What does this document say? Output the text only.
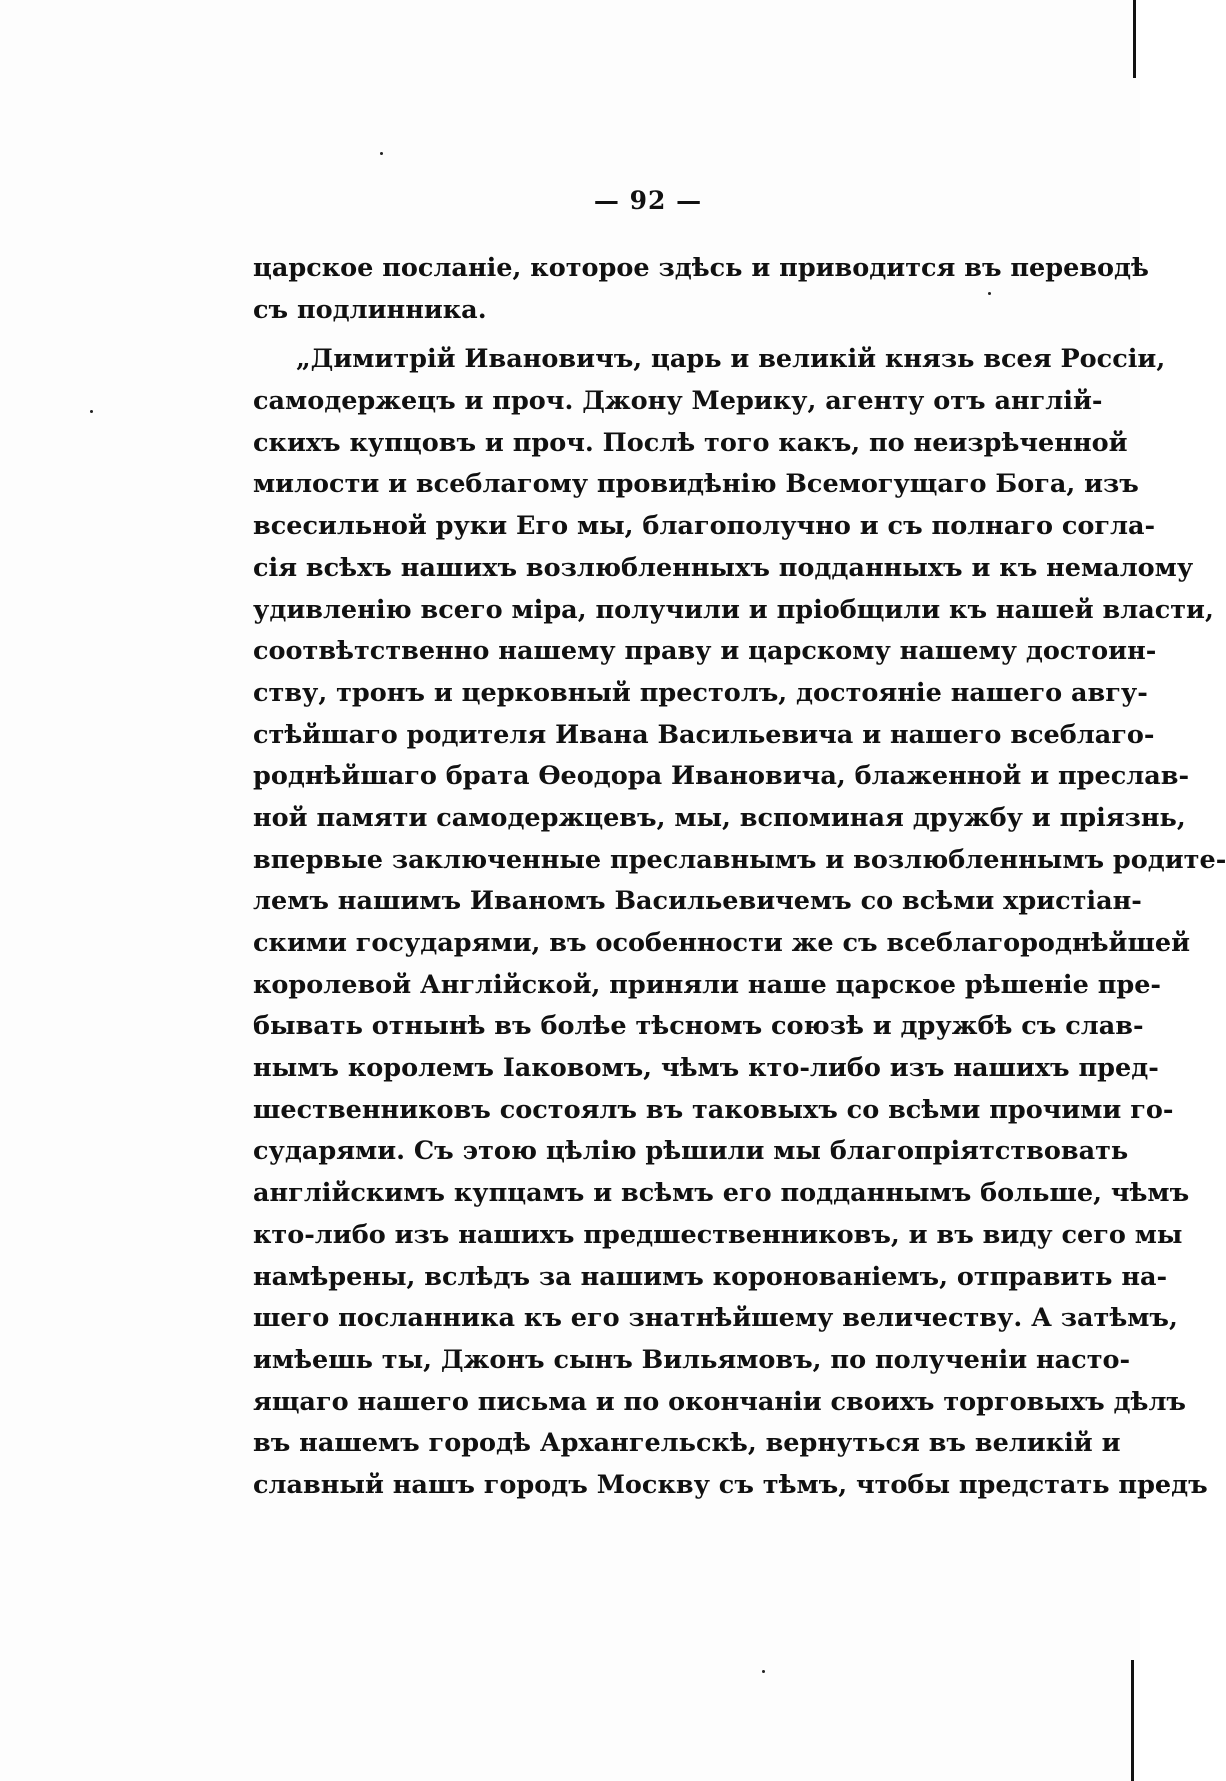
— 92 —
царское посланіе, которое здѣсь и приводится въ переводѣ
съ подлинника.
„Димитрій Ивановичъ, царь и великій князь всея Россіи,
самодержецъ и проч. Джону Мерику, агенту отъ англій-
скихъ купцовъ и проч. Послѣ того какъ, по неизрѣченной
милости и всеблагому провидѣнію Всемогущаго Бога, изъ
всесильной руки Его мы, благополучно и съ полнаго согла-
сія всѣхъ нашихъ возлюбленныхъ подданныхъ и къ немалому
удивленію всего міра, получили и пріобщили къ нашей власти,
соотвѣтственно нашему праву и царскому нашему достоин-
ству, тронъ и церковный престолъ, достояніе нашего авгу-
стѣйшаго родителя Ивана Васильевича и нашего всеблаго-
роднѣйшаго брата Ѳеодора Ивановича, блаженной и преслав-
ной памяти самодержцевъ, мы, вспоминая дружбу и пріязнь,
впервые заключенные преславнымъ и возлюбленнымъ родите-
лемъ нашимъ Иваномъ Васильевичемъ со всѣми христіан-
скими государями, въ особенности же съ всеблагороднѣйшей
королевой Англійской, приняли наше царское рѣшеніе пре-
бывать отнынѣ въ болѣе тѣсномъ союзѣ и дружбѣ съ слав-
нымъ королемъ Іаковомъ, чѣмъ кто-либо изъ нашихъ пред-
шественниковъ состоялъ въ таковыхъ со всѣми прочими го-
сударями. Съ этою цѣлію рѣшили мы благопріятствовать
англійскимъ купцамъ и всѣмъ его подданнымъ больше, чѣмъ
кто-либо изъ нашихъ предшественниковъ, и въ виду сего мы
намѣрены, вслѣдъ за нашимъ коронованіемъ, отправить на-
шего посланника къ его знатнѣйшему величеству. А затѣмъ,
имѣешь ты, Джонъ сынъ Вильямовъ, по полученіи насто-
ящаго нашего письма и по окончаніи своихъ торговыхъ дѣлъ
въ нашемъ городѣ Архангельскѣ, вернуться въ великій и
славный нашъ городъ Москву съ тѣмъ, чтобы предстать предъ
